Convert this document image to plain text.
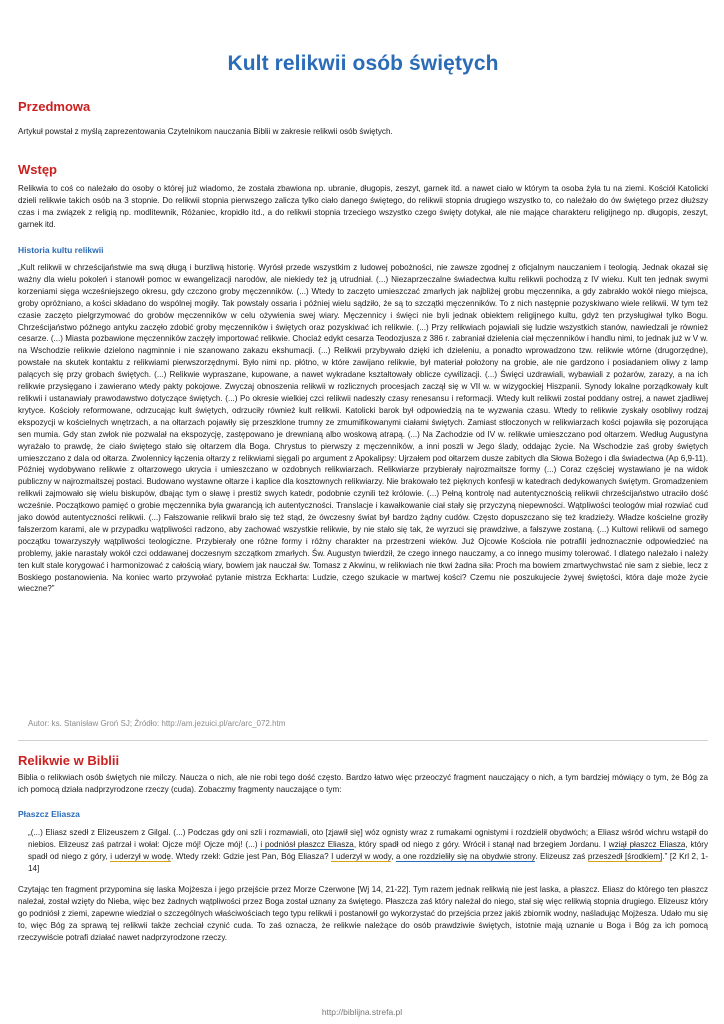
Kult relikwii osób świętych
Przedmowa

Artykuł powstał z myślą zaprezentowania Czytelnikom nauczania Biblii w zakresie relikwii osób świętych.

Wstęp

Relikwia to coś co należało do osoby o której już wiadomo, że została zbawiona np. ubranie, długopis, zeszyt, garnek itd. a nawet ciało w którym ta osoba żyła tu na ziemi. Kościół Katolicki dzieli relikwie takich osób na 3 stopnie. Do relikwii stopnia pierwszego zalicza tylko ciało danego świętego, do relikwii stopnia drugiego wszystko to, co należało do ów świętego przez dłuższy czas i ma związek z religią np. modlitewnik, Różaniec, kropidło itd., a do relikwii stopnia trzeciego wszystko czego święty dotykał, ale nie mające charakteru religijnego np. długopis, zeszyt, garnek itd.

Historia kultu relikwii

„Kult relikwii w chrześcijaństwie ma swą długą i burzliwą historię. Wyrósł przede wszystkim z ludowej pobożności, nie zawsze zgodnej z oficjalnym nauczaniem i teologią. Jednak okazał się ważny dla wielu pokoleń i stanowił pomoc w ewangelizacji narodów, ale niekiedy też ją utrudniał. (...) Niezaprzeczalne świadectwa kultu relikwii pochodzą z IV wieku. Kult ten jednak swymi korzeniami sięga wcześniejszego okresu, gdy czczono groby męczenników. (...) Wtedy to zaczęto umieszczać zmarłych jak najbliżej grobu męczennika, a gdy zabrakło wokół niego miejsca, groby opróżniano, a kości składano do wspólnej mogiły. Tak powstały ossaria i później wielu sądziło, że są to szczątki męczenników. To z nich następnie pozyskiwano wiele relikwii. W tym też czasie zaczęto pielgrzymować do grobów męczenników w celu ożywienia swej wiary. Męczennicy i święci nie byli jednak obiektem religijnego kultu, gdyż ten przysługiwał tylko Bogu. Chrześcijaństwo późnego antyku zaczęło zdobić groby męczenników i świętych oraz pozyskiwać ich relikwie. (...) Przy relikwiach pojawiali się ludzie wszystkich stanów, nawiedzali je również cesarze. (...) Miasta pozbawione męczenników zaczęły importować relikwie. Chociaż edykt cesarza Teodozjusza z 386 r. zabraniał dzielenia ciał męczenników i handlu nimi, to jednak już w V w. na Wschodzie relikwie dzielono nagminnie i nie szanowano zakazu ekshumacji. (...) Relikwii przybywało dzięki ich dzieleniu, a ponadto wprowadzono tzw. relikwie wtórne (drugorzędne), powstałe na skutek kontaktu z relikwiami pierwszorzędnymi. Było nimi np. płótno, w które zawijano relikwie, był materiał położony na grobie, ale nie gardzono i posiadaniem oliwy z lamp palących się przy grobach świętych. (...) Relikwie wypraszane, kupowane, a nawet wykradane kształtowały oblicze cywilizacji. (...) Święci uzdrawiali, wybawiali z pożarów, zarazy, a na ich relikwie przysięgano i zawierano wtedy pakty pokojowe. Zwyczaj obnoszenia relikwii w rozlicznych procesjach zaczął się w VII w. w wizygockiej Hiszpanii. Synody lokalne porządkowały kult relikwii i ustanawiały prawodawstwo dotyczące świętych. (...) Po okresie wielkiej czci relikwii nadeszły czasy renesansu i reformacji. Wtedy kult relikwii został poddany ostrej, a nawet zjadliwej krytyce. Kościoły reformowane, odrzucając kult świętych, odrzuciły również kult relikwii. Katolicki barok był odpowiedzią na te wyzwania czasu. Wtedy to relikwie zyskały osobliwy rodzaj ekspozycji w kościelnych wnętrzach, a na ołtarzach pojawiły się przeszklone trumny ze zmumifikowanymi ciałami świętych. Zamiast stłoczonych w relikwiarzach kości pojawiła się pozorująca sen mumia. Gdy stan zwłok nie pozwalał na ekspozycję, zastępowano je drewnianą albo woskową atrapą. (...) Na Zachodzie od IV w. relikwie umieszczano pod ołtarzem. Według Augustyna wyrażało to prawdę, że ciało świętego stało się ołtarzem dla Boga. Chrystus to pierwszy z męczenników, a inni poszli w Jego ślady, oddając życie. Na Wschodzie zaś groby świętych umieszczano z dala od ołtarza. Zwolennicy łączenia ołtarzy z relikwiami sięgali po argument z Apokalipsy: Ujrzałem pod ołtarzem dusze zabitych dla Słowa Bożego i dla świadectwa (Ap 6,9-11). Później wydobywano relikwie z ołtarzowego ukrycia i umieszczano w ozdobnych relikwiarzach. Relikwiarze przybierały najrozmaitsze formy (...) Coraz częściej wystawiano je na widok publiczny w najrozmaitszej postaci. Budowano wystawne ołtarze i kaplice dla kosztownych relikwiarzy. Nie brakowało też pięknych konfesji w katedrach dedykowanych świętym. Gromadzeniem relikwii zajmowało się wielu biskupów, dbając tym o sławę i prestiż swych katedr, podobnie czynili też królowie. (...) Pełną kontrolę nad autentycznością relikwii chrześcijaństwo utraciło dość wcześnie. Początkowo pamięć o grobie męczennika była gwarancją ich autentyczności. Translacje i kawałkowanie ciał stały się przyczyną niepewności. Wątpliwości teologów miał rozwiać cud jako dowód autentyczności relikwii. (...) Fałszowanie relikwii brało się też stąd, że ówczesny świat był bardzo żądny cudów. Często dopuszczano się też kradzieży. Władze kościelne groziły fałszerzom karami, ale w przypadku wątpliwości radzono, aby zachować wszystkie relikwie, by nie stało się tak, że wyrzuci się prawdziwe, a fałszywe zostaną. (...) Kultowi relikwii od samego początku towarzyszyły wątpliwości teologiczne. Przybierały one różne formy i różny charakter na przestrzeni wieków. Już Ojcowie Kościoła nie potrafili jednoznacznie odpowiedzieć na problemy, jakie narastały wokół czci oddawanej doczesnym szczątkom zmarłych. Św. Augustyn twierdził, że czego innego nauczamy, a co innego musimy tolerować. I dlatego należało i należy ten kult stale korygować i harmonizować z całością wiary, bowiem jak nauczał św. Tomasz z Akwinu, w relikwiach nie tkwi żadna siła: Proch ma bowiem zmartwychwstać nie sam z siebie, lecz z Boskiego postanowienia. Na koniec warto przywołać pytanie mistrza Eckharta: Ludzie, czego szukacie w martwej kości? Czemu nie poszukujecie żywej świętości, która daje może życie wieczne?”

Autor: ks. Stanisław Groń SJ; Źródło: http://am.jezuici.pl/arc/arc_072.htm

Relikwie w Biblii

Biblia o relikwiach osób świętych nie milczy. Naucza o nich, ale nie robi tego dość często. Bardzo łatwo więc przeoczyć fragment nauczający o nich, a tym bardziej mówiący o tym, że Bóg za ich pomocą działa nadprzyrodzone rzeczy (cuda). Zobaczmy fragmenty nauczające o tym:

Płaszcz Eliasza

„(...) Eliasz szedł z Elizeuszem z Gilgal. (...) Podczas gdy oni szli i rozmawiali, oto [zjawił się] wóz ognisty wraz z rumakami ognistymi i rozdzielił obydwóch; a Eliasz wśród wichru wstąpił do niebios. Elizeusz zaś patrzał i wołał: Ojcze mój! Ojcze mój! (...) i podniósł płaszcz Eliasza, który spadł od niego z góry. Wrócił i stanął nad brzegiem Jordanu. I wziął płaszcz Eliasza, który spadł od niego z góry, i uderzył w wodę. Wtedy rzekł: Gdzie jest Pan, Bóg Eliasza? I uderzył w wody, a one rozdzieliły się na obydwie strony. Elizeusz zaś przeszedł [środkiem].” [2 Krl 2, 1-14]

Czytając ten fragment przypomina się laska Mojżesza i jego przejście przez Morze Czerwone [Wj 14, 21-22]. Tym razem jednak relikwią nie jest laska, a płaszcz. Eliasz do którego ten płaszcz należał, został wzięty do Nieba, więc bez żadnych wątpliwości przez Boga został uznany za świętego. Płaszcza zaś który należał do niego, stał się więc relikwią stopnia drugiego. Elizeusz który go podniósł z ziemi, zapewne wiedział o szczególnych właściwościach tego typu relikwii i postanowił go wykorzystać do przejścia przez jakiś zbiornik wodny, naśladując Mojżesza. Udało mu się to, więc Bóg za sprawą tej relikwii także zechciał czynić cuda. To zaś oznacza, że relikwie należące do osób prawdziwie świętych, istotnie mają uznanie u Boga i Bóg za ich pomocą rzeczywiście potrafi działać nawet nadprzyrodzone rzeczy.

http://biblijna.strefa.pl
